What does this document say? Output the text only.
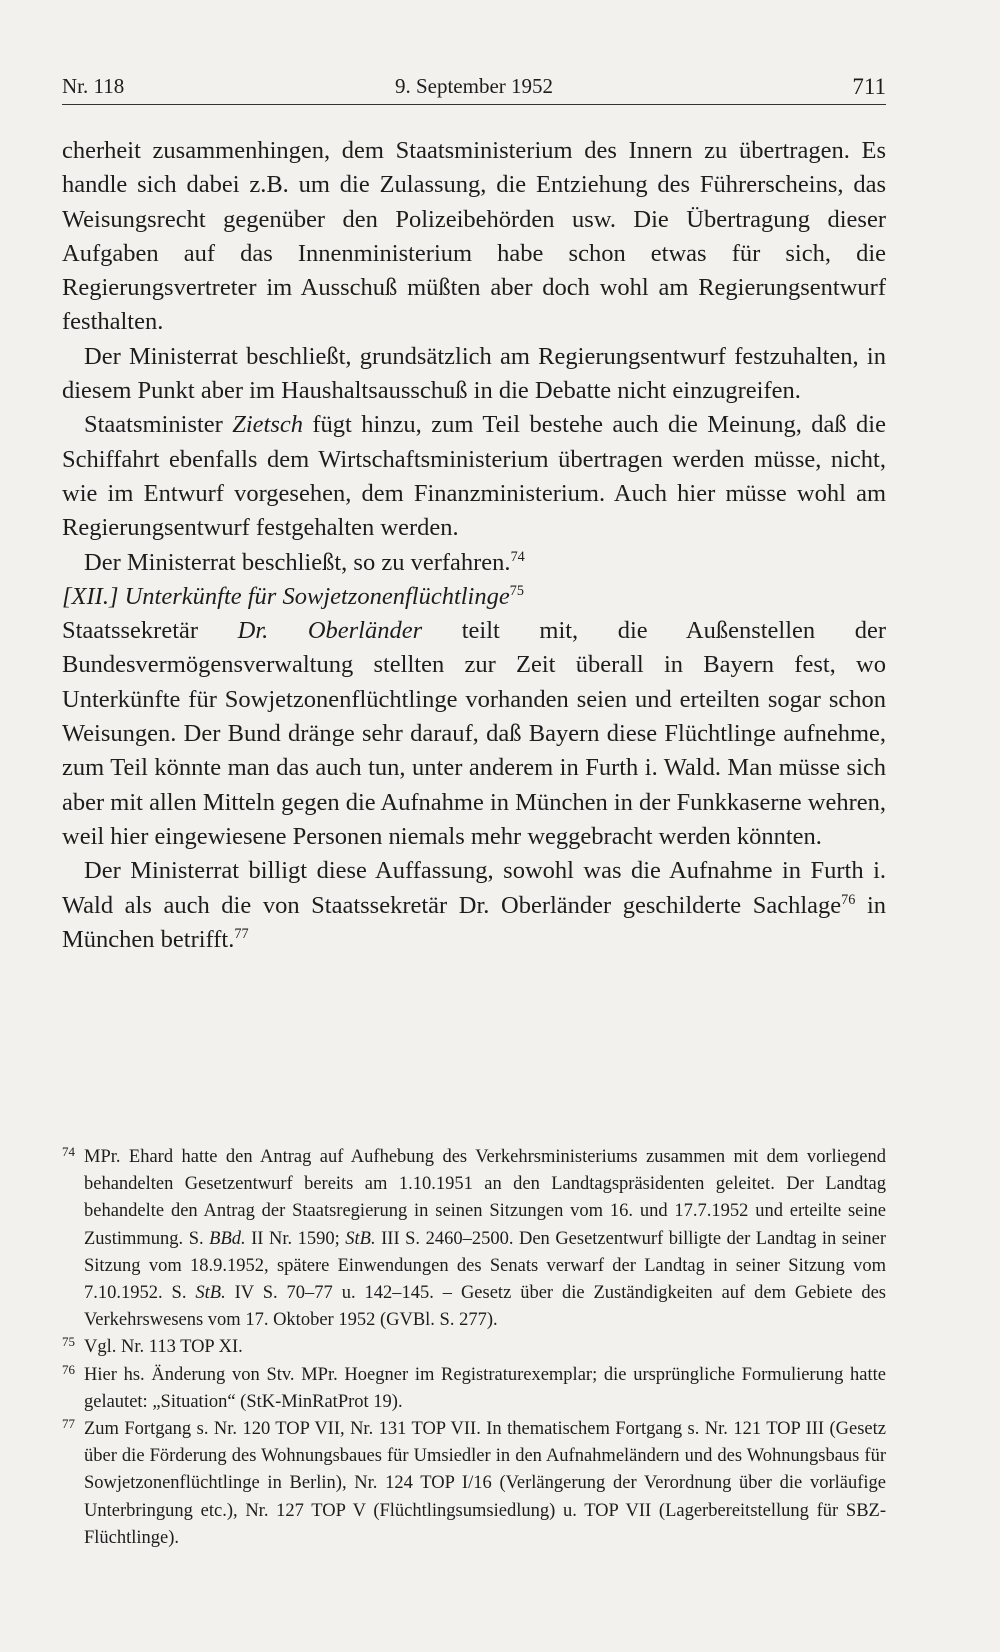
Nr. 118	9. September 1952	711

cherheit zusammenhingen, dem Staatsministerium des Innern zu übertragen. Es handle sich dabei z.B. um die Zulassung, die Entziehung des Führerscheins, das Weisungsrecht gegenüber den Polizeibehörden usw. Die Übertragung dieser Aufgaben auf das Innenministerium habe schon etwas für sich, die Regierungsvertreter im Ausschuß müßten aber doch wohl am Regierungsentwurf festhalten.

Der Ministerrat beschließt, grundsätzlich am Regierungsentwurf festzuhalten, in diesem Punkt aber im Haushaltsausschuß in die Debatte nicht einzugreifen.

Staatsminister Zietsch fügt hinzu, zum Teil bestehe auch die Meinung, daß die Schiffahrt ebenfalls dem Wirtschaftsministerium übertragen werden müsse, nicht, wie im Entwurf vorgesehen, dem Finanzministerium. Auch hier müsse wohl am Regierungsentwurf festgehalten werden.

Der Ministerrat beschließt, so zu verfahren.$^{74}$

[XII.] Unterkünfte für Sowjetzonenflüchtlinge$^{75}$

Staatssekretär Dr. Oberländer teilt mit, die Außenstellen der Bundesvermögensverwaltung stellten zur Zeit überall in Bayern fest, wo Unterkünfte für Sowjetzonenflüchtlinge vorhanden seien und erteilten sogar schon Weisungen. Der Bund dränge sehr darauf, daß Bayern diese Flüchtlinge aufnehme, zum Teil könnte man das auch tun, unter anderem in Furth i. Wald. Man müsse sich aber mit allen Mitteln gegen die Aufnahme in München in der Funkkaserne wehren, weil hier eingewiesene Personen niemals mehr weggebracht werden könnten.

Der Ministerrat billigt diese Auffassung, sowohl was die Aufnahme in Furth i. Wald als auch die von Staatssekretär Dr. Oberländer geschilderte Sachlage$^{76}$ in München betrifft.$^{77}$

$^{74}$ MPr. Ehard hatte den Antrag auf Aufhebung des Verkehrsministeriums zusammen mit dem vorliegend behandelten Gesetzentwurf bereits am 1.10.1951 an den Landtagspräsidenten geleitet. Der Landtag behandelte den Antrag der Staatsregierung in seinen Sitzungen vom 16. und 17.7.1952 und erteilte seine Zustimmung. S. BBd. II Nr. 1590; StB. III S. 2460–2500. Den Gesetzentwurf billigte der Landtag in seiner Sitzung vom 18.9.1952, spätere Einwendungen des Senats verwarf der Landtag in seiner Sitzung vom 7.10.1952. S. StB. IV S. 70–77 u. 142–145. – Gesetz über die Zuständigkeiten auf dem Gebiete des Verkehrswesens vom 17. Oktober 1952 (GVBl. S. 277).
$^{75}$ Vgl. Nr. 113 TOP XI.
$^{76}$ Hier hs. Änderung von Stv. MPr. Hoegner im Registraturexemplar; die ursprüngliche Formulierung hatte gelautet: „Situation“ (StK-MinRatProt 19).
$^{77}$ Zum Fortgang s. Nr. 120 TOP VII, Nr. 131 TOP VII. In thematischem Fortgang s. Nr. 121 TOP III (Gesetz über die Förderung des Wohnungsbaues für Umsiedler in den Aufnahmeländern und des Wohnungsbaus für Sowjetzonenflüchtlinge in Berlin), Nr. 124 TOP I/16 (Verlängerung der Verordnung über die vorläufige Unterbringung etc.), Nr. 127 TOP V (Flüchtlingsumsiedlung) u. TOP VII (Lagerbereitstellung für SBZ-Flüchtlinge).
